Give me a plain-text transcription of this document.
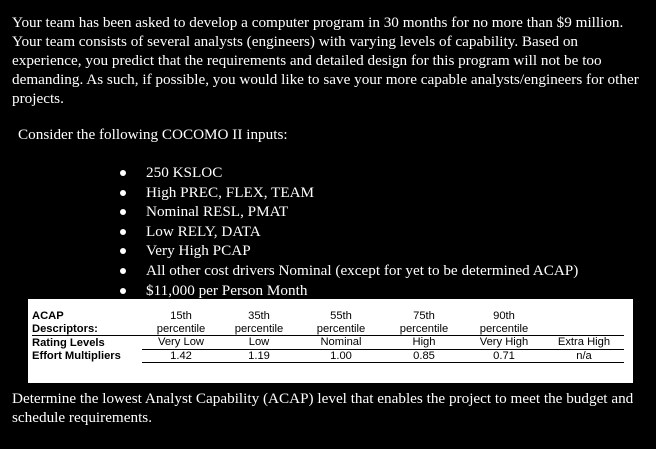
Your team has been asked to develop a computer program in 30 months for no more than $9 million. Your team consists of several analysts (engineers) with varying levels of capability. Based on experience, you predict that the requirements and detailed design for this program will not be too demanding. As such, if possible, you would like to save your more capable analysts/engineers for other projects.

Consider the following COCOMO II inputs:

250 KSLOC
High PREC, FLEX, TEAM
Nominal RESL, PMAT
Low RELY, DATA
Very High PCAP
All other cost drivers Nominal (except for yet to be determined ACAP)
$11,000 per Person Month
ACAP	15th	35th	55th	75th	90th	
Descriptors:	percentile	percentile	percentile	percentile	percentile	
Rating Levels	Very Low	Low	Nominal	High	Very High	Extra High
Effort Multipliers	1.42	1.19	1.00	0.85	0.71	n/a

Determine the lowest Analyst Capability (ACAP) level that enables the project to meet the budget and schedule requirements.
